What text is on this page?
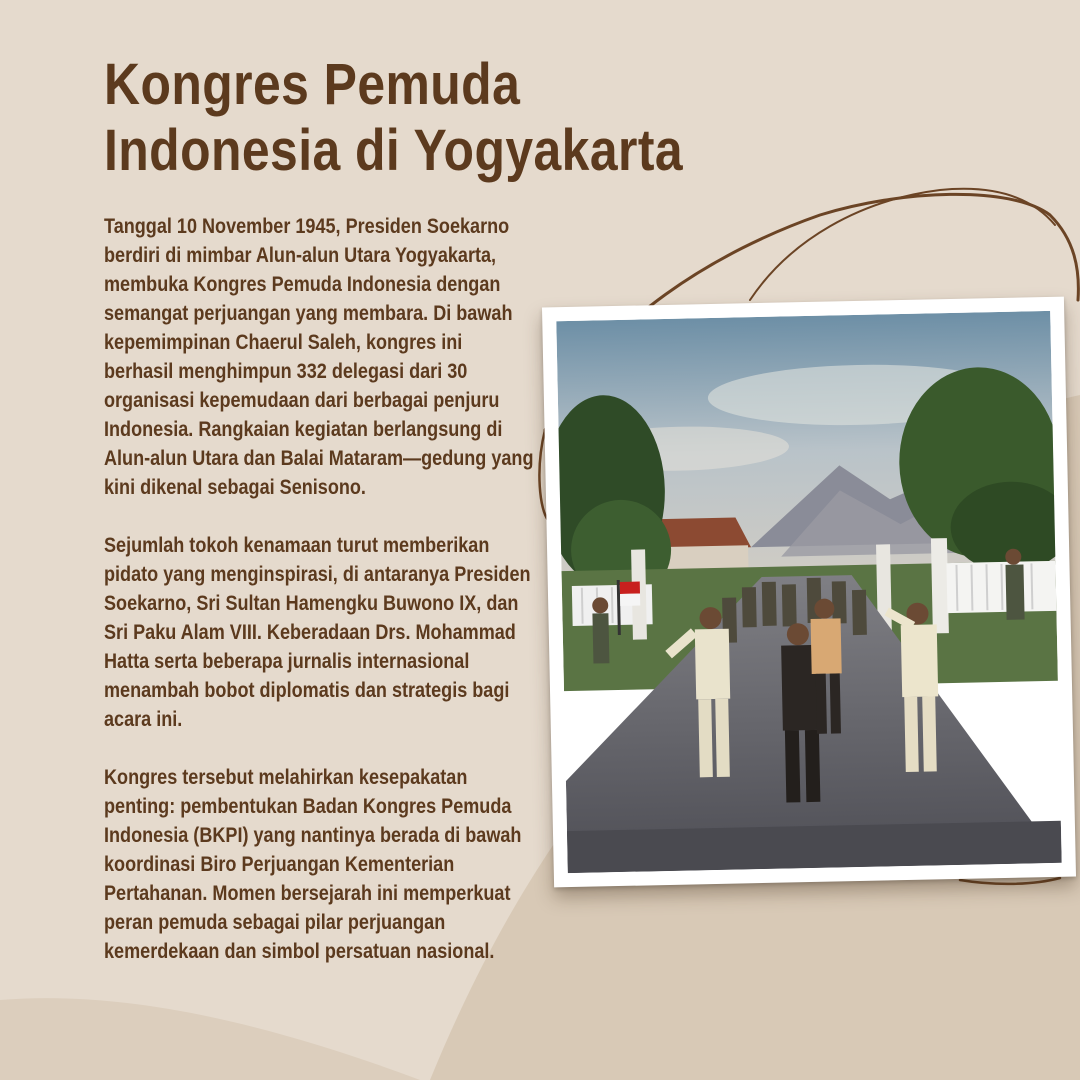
Kongres Pemuda Indonesia di Yogyakarta

Tanggal 10 November 1945, Presiden Soekarno berdiri di mimbar Alun-alun Utara Yogyakarta, membuka Kongres Pemuda Indonesia dengan semangat perjuangan yang membara. Di bawah kepemimpinan Chaerul Saleh, kongres ini berhasil menghimpun 332 delegasi dari 30 organisasi kepemudaan dari berbagai penjuru Indonesia. Rangkaian kegiatan berlangsung di Alun-alun Utara dan Balai Mataram—gedung yang kini dikenal sebagai Senisono.

Sejumlah tokoh kenamaan turut memberikan pidato yang menginspirasi, di antaranya Presiden Soekarno, Sri Sultan Hamengku Buwono IX, dan Sri Paku Alam VIII. Keberadaan Drs. Mohammad Hatta serta beberapa jurnalis internasional menambah bobot diplomatis dan strategis bagi acara ini.

Kongres tersebut melahirkan kesepakatan penting: pembentukan Badan Kongres Pemuda Indonesia (BKPI) yang nantinya berada di bawah koordinasi Biro Perjuangan Kementerian Pertahanan. Momen bersejarah ini memperkuat peran pemuda sebagai pilar perjuangan kemerdekaan dan simbol persatuan nasional.
